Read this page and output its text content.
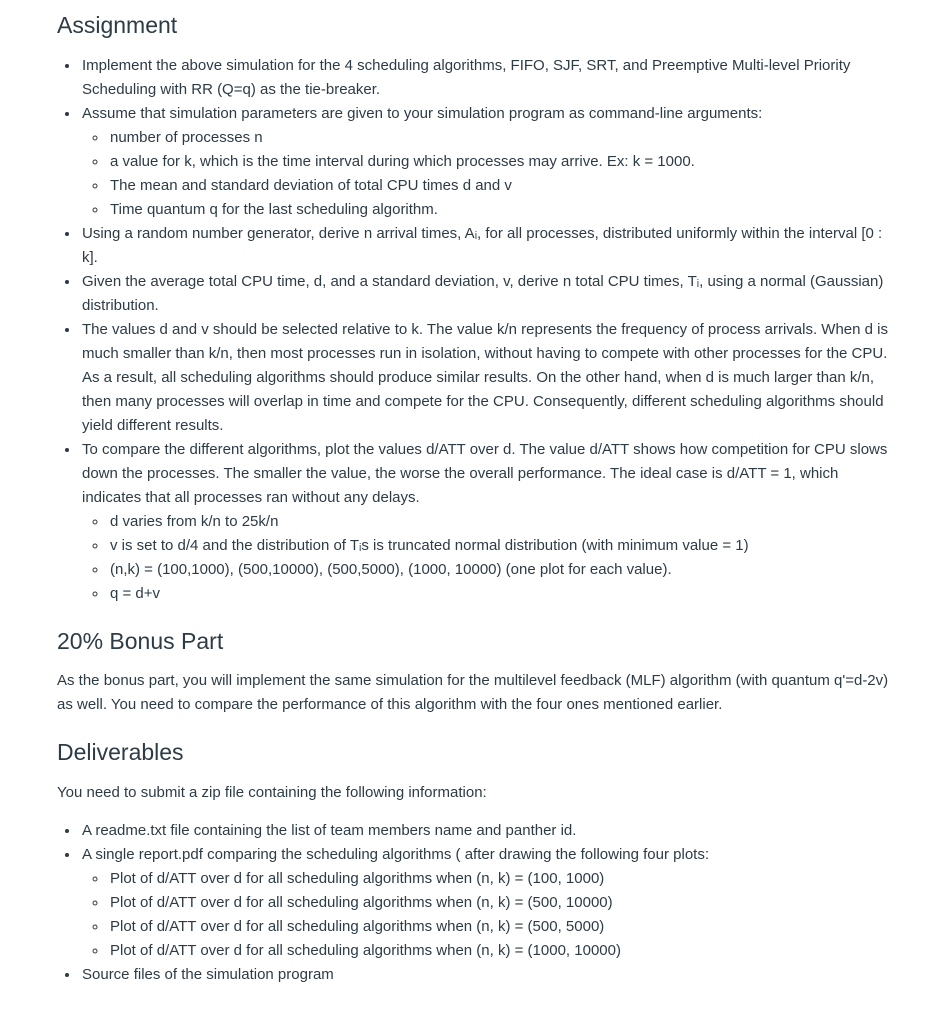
Assignment
• Implement the above simulation for the 4 scheduling algorithms, FIFO, SJF, SRT, and Preemptive Multi-level Priority Scheduling with RR (Q=q) as the tie-breaker.
• Assume that simulation parameters are given to your simulation program as command-line arguments:
◦ number of processes n
◦ a value for k, which is the time interval during which processes may arrive. Ex: k = 1000.
◦ The mean and standard deviation of total CPU times d and v
◦ Time quantum q for the last scheduling algorithm.
• Using a random number generator, derive n arrival times, Aᵢ, for all processes, distributed uniformly within the interval [0 : k].
• Given the average total CPU time, d, and a standard deviation, v, derive n total CPU times, Tᵢ, using a normal (Gaussian) distribution.
• The values d and v should be selected relative to k. The value k/n represents the frequency of process arrivals. When d is much smaller than k/n, then most processes run in isolation, without having to compete with other processes for the CPU. As a result, all scheduling algorithms should produce similar results. On the other hand, when d is much larger than k/n, then many processes will overlap in time and compete for the CPU. Consequently, different scheduling algorithms should yield different results.
• To compare the different algorithms, plot the values d/ATT over d. The value d/ATT shows how competition for CPU slows down the processes. The smaller the value, the worse the overall performance. The ideal case is d/ATT = 1, which indicates that all processes ran without any delays.
◦ d varies from k/n to 25k/n
◦ v is set to d/4 and the distribution of Tᵢs is truncated normal distribution (with minimum value = 1)
◦ (n,k) = (100,1000), (500,10000), (500,5000), (1000, 10000) (one plot for each value).
◦ q = d+v
20% Bonus Part

As the bonus part, you will implement the same simulation for the multilevel feedback (MLF) algorithm (with quantum q'=d-2v) as well. You need to compare the performance of this algorithm with the four ones mentioned earlier.

Deliverables

You need to submit a zip file containing the following information:

• A readme.txt file containing the list of team members name and panther id.
• A single report.pdf comparing the scheduling algorithms ( after drawing the following four plots:
◦ Plot of d/ATT over d for all scheduling algorithms when (n, k) = (100, 1000)
◦ Plot of d/ATT over d for all scheduling algorithms when (n, k) = (500, 10000)
◦ Plot of d/ATT over d for all scheduling algorithms when (n, k) = (500, 5000)
◦ Plot of d/ATT over d for all scheduling algorithms when (n, k) = (1000, 10000)
• Source files of the simulation program
